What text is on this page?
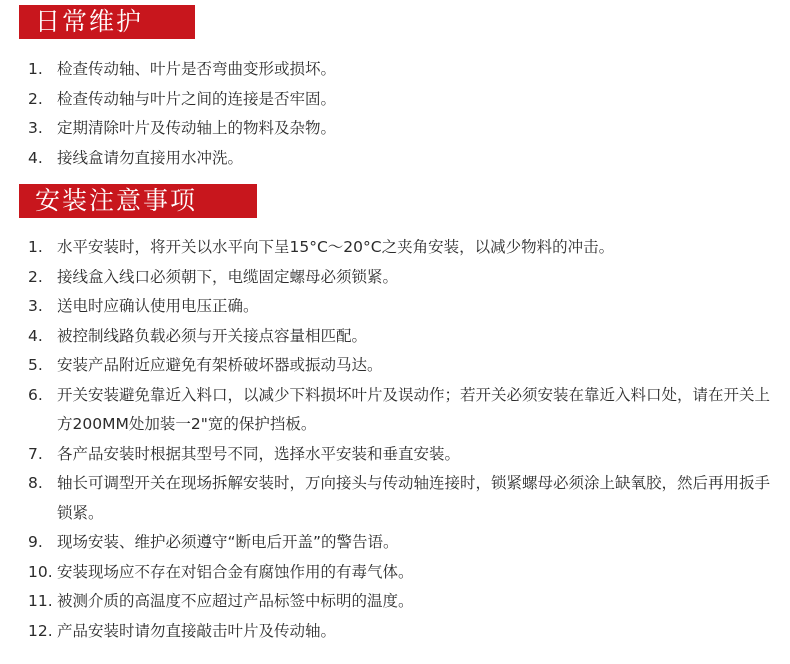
日常维护
1. 检查传动轴、叶片是否弯曲变形或损坏。
2. 检查传动轴与叶片之间的连接是否牢固。
3. 定期清除叶片及传动轴上的物料及杂物。
4. 接线盒请勿直接用水冲洗。
安装注意事项
1. 水平安装时，将开关以水平向下呈15°C～20°C之夹角安装，以减少物料的冲击。
2. 接线盒入线口必须朝下，电缆固定螺母必须锁紧。
3. 送电时应确认使用电压正确。
4. 被控制线路负载必须与开关接点容量相匹配。
5. 安装产品附近应避免有架桥破坏器或振动马达。
6. 开关安装避免靠近入料口，以减少下料损坏叶片及误动作；若开关必须安装在靠近入料口处，请在开关上方200MM处加装一2"宽的保护挡板。
7. 各产品安装时根据其型号不同，选择水平安装和垂直安装。
8. 轴长可调型开关在现场拆解安装时，万向接头与传动轴连接时，锁紧螺母必须涂上缺氧胶，然后再用扳手锁紧。
9. 现场安装、维护必须遵守“断电后开盖”的警告语。
10. 安装现场应不存在对铝合金有腐蚀作用的有毒气体。
11. 被测介质的高温度不应超过产品标签中标明的温度。
12. 产品安装时请勿直接敲击叶片及传动轴。
